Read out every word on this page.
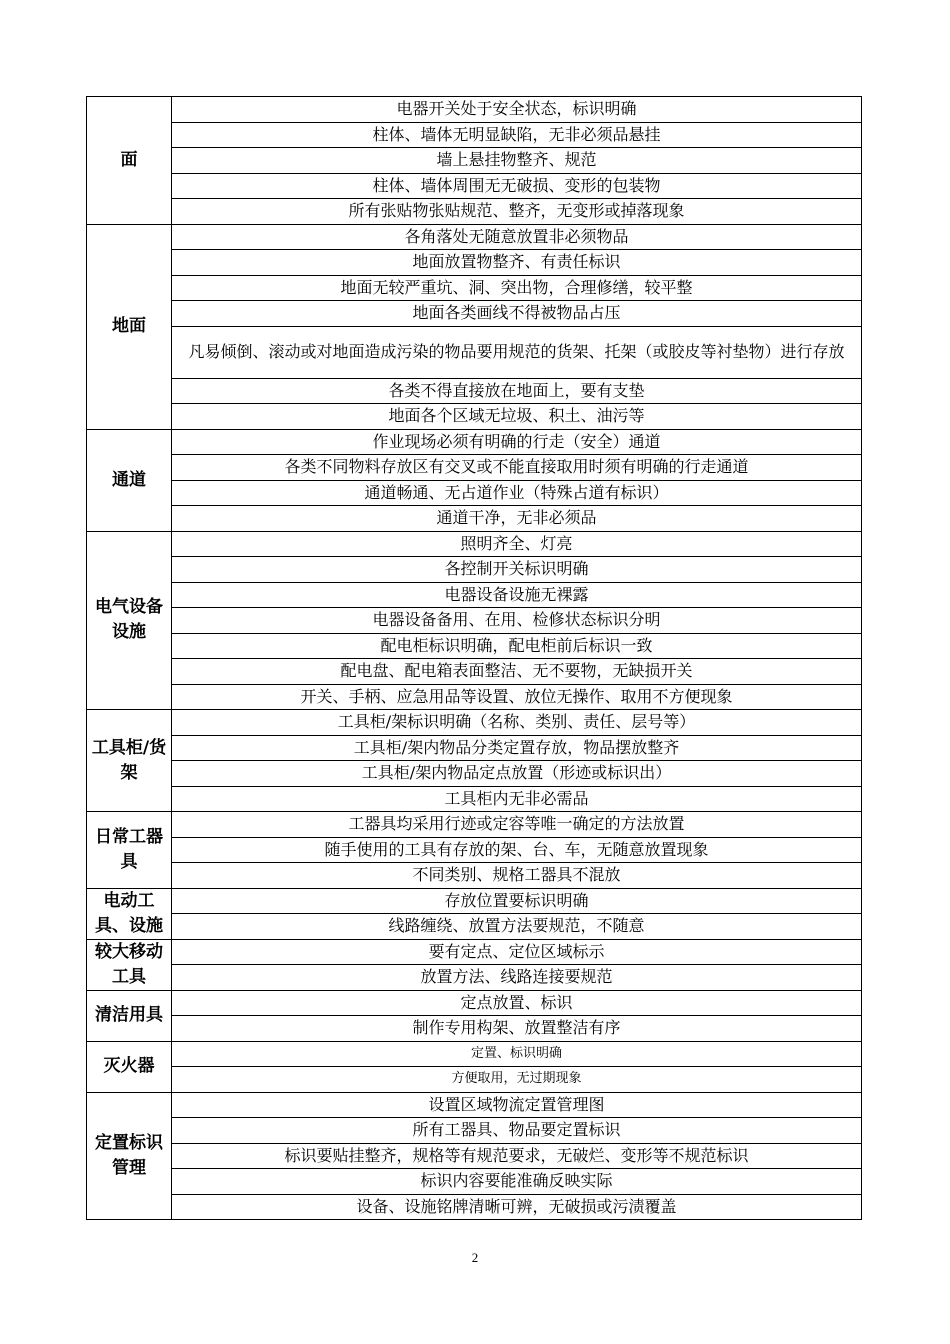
面	电器开关处于安全状态，标识明确
	柱体、墙体无明显缺陷，无非必须品悬挂
	墙上悬挂物整齐、规范
	柱体、墙体周围无无破损、变形的包装物
	所有张贴物张贴规范、整齐，无变形或掉落现象
地面	各角落处无随意放置非必须物品
	地面放置物整齐、有责任标识
	地面无较严重坑、洞、突出物，合理修缮，较平整
	地面各类画线不得被物品占压
	凡易倾倒、滚动或对地面造成污染的物品要用规范的货架、托架（或胶皮等衬垫物）进行存放
	各类不得直接放在地面上，要有支垫
	地面各个区域无垃圾、积土、油污等
通道	作业现场必须有明确的行走（安全）通道
	各类不同物料存放区有交叉或不能直接取用时须有明确的行走通道
	通道畅通、无占道作业（特殊占道有标识）
	通道干净，无非必须品
电气设备设施	照明齐全、灯亮
	各控制开关标识明确
	电器设备设施无裸露
	电器设备备用、在用、检修状态标识分明
	配电柜标识明确，配电柜前后标识一致
	配电盘、配电箱表面整洁、无不要物，无缺损开关
	开关、手柄、应急用品等设置、放位无操作、取用不方便现象
工具柜/货架	工具柜/架标识明确（名称、类别、责任、层号等）
	工具柜/架内物品分类定置存放，物品摆放整齐
	工具柜/架内物品定点放置（形迹或标识出）
	工具柜内无非必需品
日常工器具	工器具均采用行迹或定容等唯一确定的方法放置
	随手使用的工具有存放的架、台、车，无随意放置现象
	不同类别、规格工器具不混放
电动工具、设施	存放位置要标识明确
	线路缠绕、放置方法要规范，不随意
较大移动工具	要有定点、定位区域标示
	放置方法、线路连接要规范
清洁用具	定点放置、标识
	制作专用构架、放置整洁有序
灭火器	定置、标识明确
	方便取用，无过期现象
定置标识管理	设置区域物流定置管理图
	所有工器具、物品要定置标识
	标识要贴挂整齐，规格等有规范要求，无破烂、变形等不规范标识
	标识内容要能准确反映实际
	设备、设施铭牌清晰可辨，无破损或污渍覆盖
2
